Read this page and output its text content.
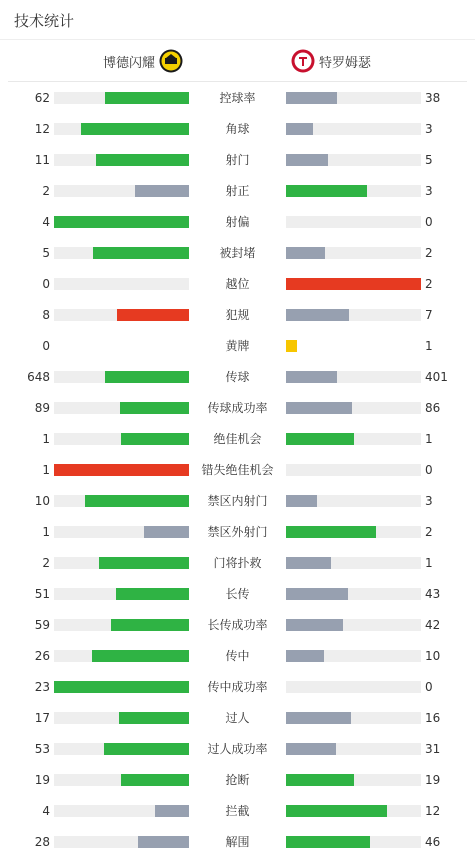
技术统计
博德闪耀	特罗姆瑟
62	控球率	38
12	角球	3
11	射门	5
2	射正	3
4	射偏	0
5	被封堵	2
0	越位	2
8	犯规	7
0	黄牌	1
648	传球	401
89	传球成功率	86
1	绝佳机会	1
1	错失绝佳机会	0
10	禁区内射门	3
1	禁区外射门	2
2	门将扑救	1
51	长传	43
59	长传成功率	42
26	传中	10
23	传中成功率	0
17	过人	16
53	过人成功率	31
19	抢断	19
4	拦截	12
28	解围	46
